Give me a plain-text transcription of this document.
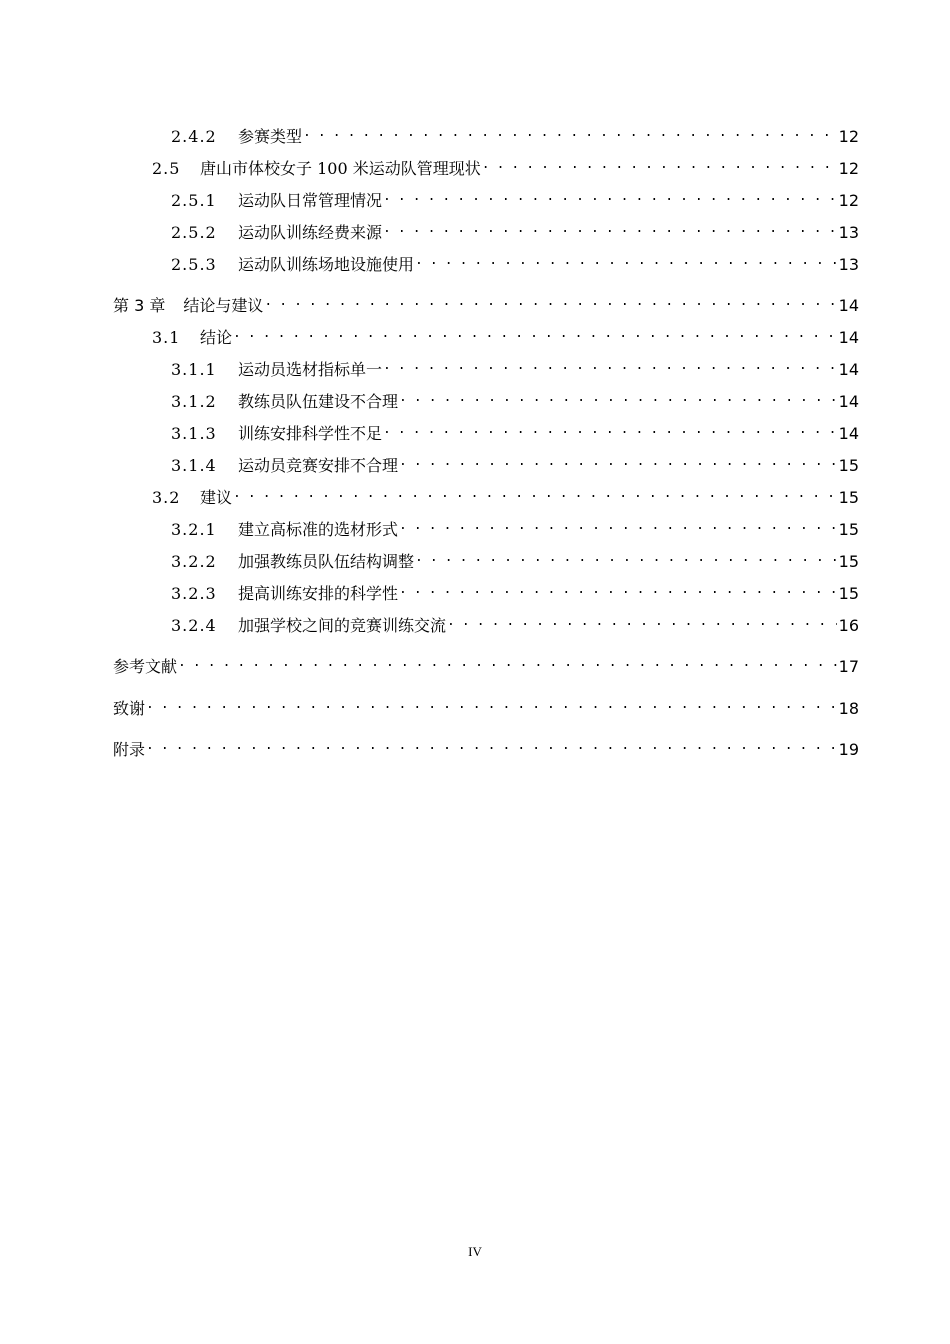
2.4.2	参赛类型 . . .	12
2.5	唐山市体校女子 100 米运动队管理现状 . . .	12
2.5.1	运动队日常管理情况 . . .	12
2.5.2	运动队训练经费来源 . . .	13
2.5.3	运动队训练场地设施使用 . . .	13
第 3 章 结论与建议 . . .	14
3.1	结论 . . .	14
3.1.1	运动员选材指标单一 . . .	14
3.1.2	教练员队伍建设不合理 . . .	14
3.1.3	训练安排科学性不足 . . .	14
3.1.4	运动员竞赛安排不合理 . . .	15
3.2	建议 . . .	15
3.2.1	建立高标准的选材形式 . . .	15
3.2.2	加强教练员队伍结构调整 . . .	15
3.2.3	提高训练安排的科学性 . . .	15
3.2.4	加强学校之间的竞赛训练交流 . . .	16
参考文献 . . .	17
致谢 . . .	18
附录 . . .	19
IV
